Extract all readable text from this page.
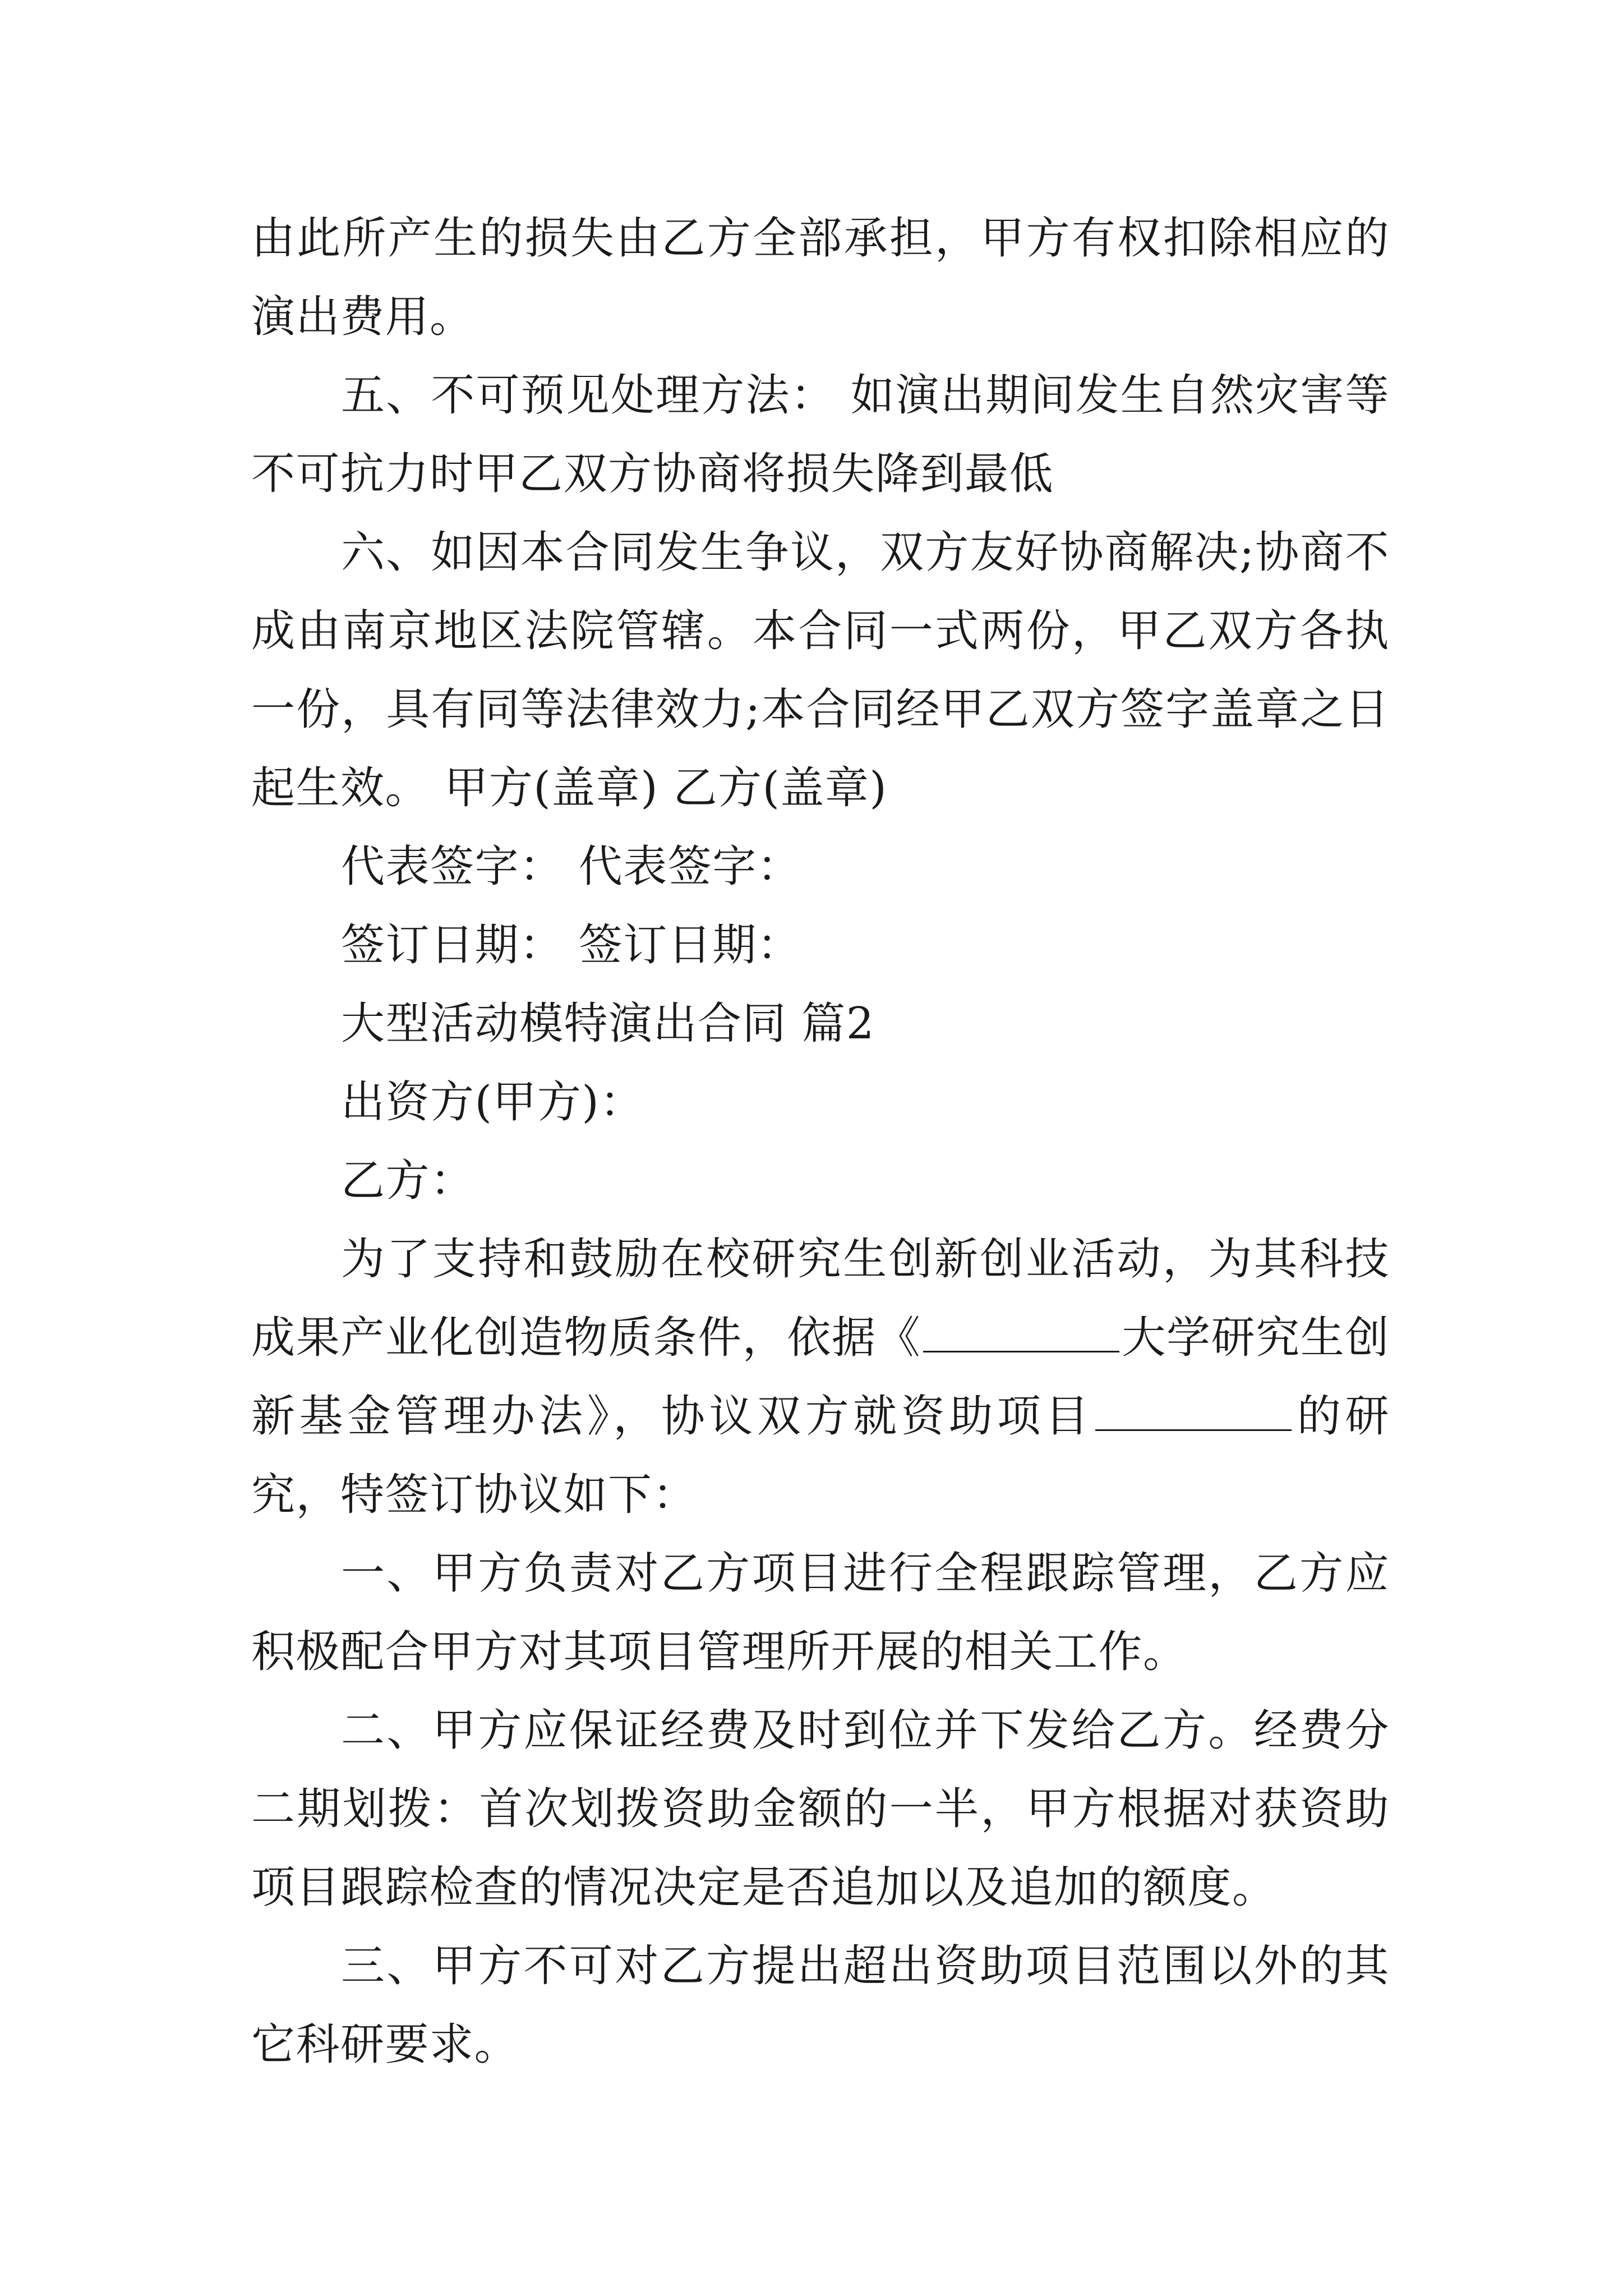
由此所产生的损失由乙方全部承担，甲方有权扣除相应的演出费用。

五、不可预见处理方法： 如演出期间发生自然灾害等不可抗力时甲乙双方协商将损失降到最低

六、如因本合同发生争议，双方友好协商解决;协商不成由南京地区法院管辖。本合同一式两份，甲乙双方各执一份，具有同等法律效力;本合同经甲乙双方签字盖章之日起生效。 甲方(盖章) 乙方(盖章)

代表签字： 代表签字：

签订日期： 签订日期：

大型活动模特演出合同 篇2

出资方(甲方)：

乙方：

为了支持和鼓励在校研究生创新创业活动，为其科技成果产业化创造物质条件，依据《	大学研究生创新基金管理办法》，协议双方就资助项目	的研究，特签订协议如下：

一、甲方负责对乙方项目进行全程跟踪管理，乙方应积极配合甲方对其项目管理所开展的相关工作。

二、甲方应保证经费及时到位并下发给乙方。经费分二期划拨：首次划拨资助金额的一半，甲方根据对获资助项目跟踪检查的情况决定是否追加以及追加的额度。

三、甲方不可对乙方提出超出资助项目范围以外的其它科研要求。
